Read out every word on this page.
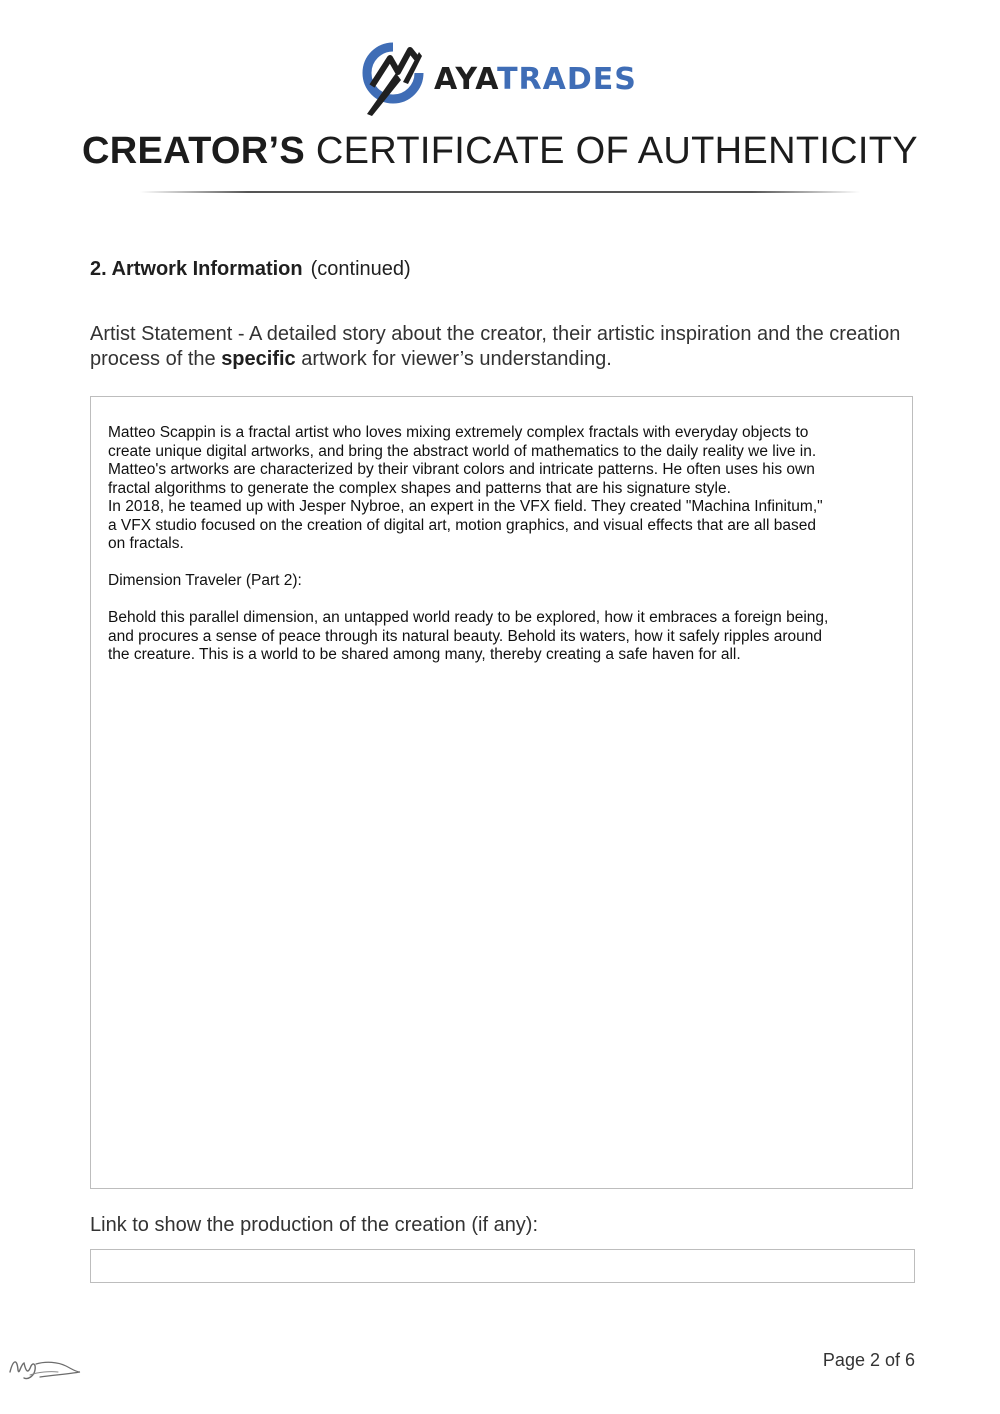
AYATRADES
CREATOR’S CERTIFICATE OF AUTHENTICITY
2. Artwork Information (continued)
Artist Statement - A detailed story about the creator, their artistic inspiration and the creation process of the specific artwork for viewer’s understanding.

Matteo Scappin is a fractal artist who loves mixing extremely complex fractals with everyday objects to

create unique digital artworks, and bring the abstract world of mathematics to the daily reality we live in.

Matteo's artworks are characterized by their vibrant colors and intricate patterns. He often uses his own

fractal algorithms to generate the complex shapes and patterns that are his signature style.

In 2018, he teamed up with Jesper Nybroe, an expert in the VFX field. They created "Machina Infinitum,"

a VFX studio focused on the creation of digital art, motion graphics, and visual effects that are all based

on fractals.

Dimension Traveler (Part 2):

Behold this parallel dimension, an untapped world ready to be explored, how it embraces a foreign being,

and procures a sense of peace through its natural beauty. Behold its waters, how it safely ripples around

the creature. This is a world to be shared among many, thereby creating a safe haven for all.

Link to show the production of the creation (if any):
Page 2 of 6
